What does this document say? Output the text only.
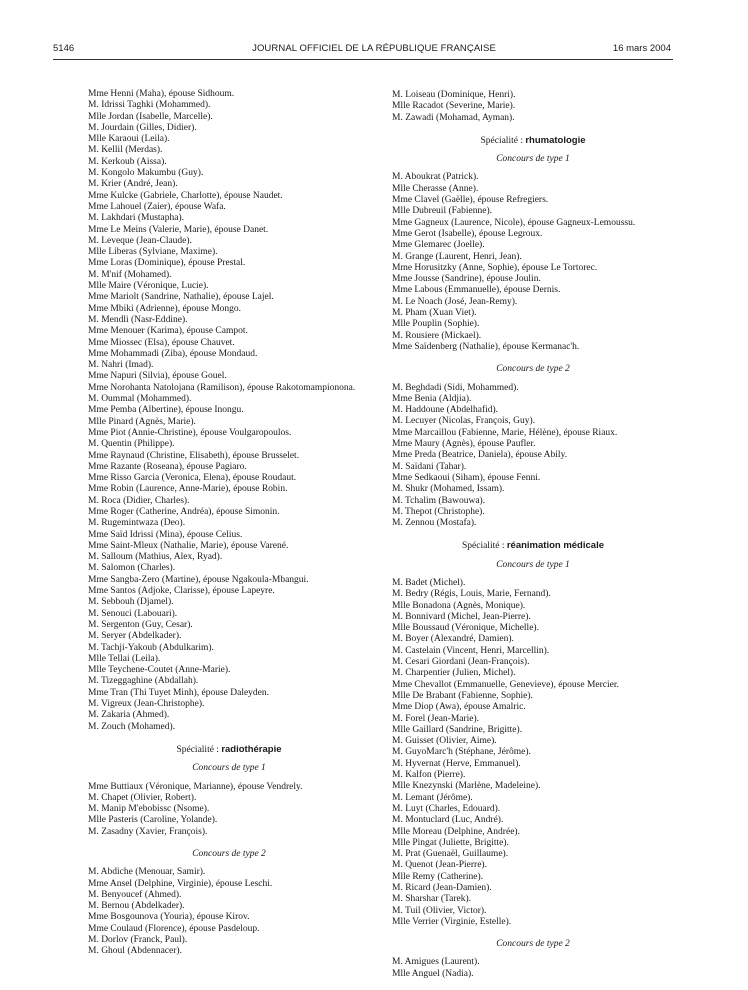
5146	JOURNAL OFFICIEL DE LA RÉPUBLIQUE FRANÇAISE	16 mars 2004
Mme Henni (Maha), épouse Sidhoum.
M. Idrissi Taghki (Mohammed).
Mlle Jordan (Isabelle, Marcelle).
M. Jourdain (Gilles, Didier).
Mlle Karaoui (Leila).
M. Kellil (Merdas).
M. Kerkoub (Aissa).
M. Kongolo Makumbu (Guy).
M. Krier (André, Jean).
Mme Kulcke (Gabriele, Charlotte), épouse Naudet.
Mme Lahouel (Zaier), épouse Wafa.
M. Lakhdari (Mustapha).
Mme Le Meins (Valerie, Marie), épouse Danet.
M. Leveque (Jean-Claude).
Mlle Liberas (Sylviane, Maxime).
Mme Loras (Dominique), épouse Prestal.
M. M'nif (Mohamed).
Mlle Maire (Véronique, Lucie).
Mme Mariolt (Sandrine, Nathalie), épouse Lajel.
Mme Mbiki (Adrienne), épouse Mongo.
M. Mendli (Nasr-Eddine).
Mme Menouer (Karima), épouse Campot.
Mme Miossec (Elsa), épouse Chauvet.
Mme Mohammadi (Ziba), épouse Mondaud.
M. Nahri (Imad).
Mme Napuri (Silvia), épouse Gouel.
Mme Norohanta Natolojana (Ramilison), épouse Rakotomampionona.
M. Oummal (Mohammed).
Mme Pemba (Albertine), épouse Inongu.
Mlle Pinard (Agnès, Marie).
Mme Piot (Annie-Christine), épouse Voulgaropoulos.
M. Quentin (Philippe).
Mme Raynaud (Christine, Elisabeth), épouse Brusselet.
Mme Razante (Roseana), épouse Pagiaro.
Mme Risso Garcia (Veronica, Elena), épouse Roudaut.
Mme Robin (Laurence, Anne-Marie), épouse Robin.
M. Roca (Didier, Charles).
Mme Roger (Catherine, Andréa), épouse Simonin.
M. Rugemintwaza (Deo).
Mme Saïd Idrissi (Mina), épouse Celius.
Mme Saint-Mleux (Nathalie, Marie), épouse Varené.
M. Salloum (Mathius, Alex, Ryad).
M. Salomon (Charles).
Mme Sangba-Zero (Martine), épouse Ngakoula-Mbangui.
Mme Santos (Adjoke, Clarisse), épouse Lapeyre.
M. Sebbouh (Djamel).
M. Senouci (Labouari).
M. Sergenton (Guy, Cesar).
M. Seryer (Abdelkader).
M. Tachji-Yakoub (Abdulkarim).
Mlle Tellai (Leila).
Mlle Teychene-Coutet (Anne-Marie).
M. Tizeggaghine (Abdallah).
Mme Tran (Thi Tuyet Minh), épouse Daleyden.
M. Vigreux (Jean-Christophe).
M. Zakaria (Ahmed).
M. Zouch (Mohamed).
Spécialité : radiothérapie
Concours de type 1
Mme Buttiaux (Véronique, Marianne), épouse Vendrely.
M. Chapet (Olivier, Robert).
M. Manip M'ebobissc (Nsome).
Mlle Pasteris (Caroline, Yolande).
M. Zasadny (Xavier, François).
Concours de type 2
M. Abdiche (Menouar, Samir).
Mme Ansel (Delphine, Virginie), épouse Leschi.
M. Benyoucef (Ahmed).
M. Bernou (Abdelkader).
Mme Bosgounova (Youria), épouse Kirov.
Mme Coulaud (Florence), épouse Pasdeloup.
M. Dorlov (Franck, Paul).
M. Ghoul (Abdennacer).
M. Loiseau (Dominique, Henri).
Mlle Racadot (Severine, Marie).
M. Zawadi (Mohamad, Ayman).
Spécialité : rhumatologie
Concours de type 1
M. Aboukrat (Patrick).
Mlle Cherasse (Anne).
Mme Clavel (Gaëlle), épouse Refregiers.
Mlle Dubreuil (Fabienne).
Mme Gagneux (Laurence, Nicole), épouse Gagneux-Lemoussu.
Mme Gerot (Isabelle), épouse Legroux.
Mme Glemarec (Joelle).
M. Grange (Laurent, Henri, Jean).
Mme Horusitzky (Anne, Sophie), épouse Le Tortorec.
Mme Jousse (Sandrine), épouse Joulin.
Mme Labous (Emmanuelle), épouse Dernis.
M. Le Noach (José, Jean-Remy).
M. Pham (Xuan Viet).
Mlle Pouplin (Sophie).
M. Rousiere (Mickael).
Mme Saïdenberg (Nathalie), épouse Kermanac'h.
Concours de type 2
M. Beghdadi (Sidi, Mohammed).
Mme Benia (Aldjia).
M. Haddoune (Abdelhafid).
M. Lecuyer (Nicolas, François, Guy).
Mme Marcaillou (Fabienne, Marie, Hélène), épouse Riaux.
Mme Maury (Agnès), épouse Paufler.
Mme Preda (Beatrice, Daniela), épouse Abily.
M. Saïdani (Tahar).
Mme Sedkaoui (Siham), épouse Fenni.
M. Shukr (Mohamed, Issam).
M. Tchalim (Bawouwa).
M. Thepot (Christophe).
M. Zennou (Mostafa).
Spécialité : réanimation médicale
Concours de type 1
M. Badet (Michel).
M. Bedry (Régis, Louis, Marie, Fernand).
Mlle Bonadona (Agnès, Monique).
M. Bonnivard (Michel, Jean-Pierre).
Mlle Boussaud (Véronique, Michelle).
M. Boyer (Alexandré, Damien).
M. Castelain (Vincent, Henri, Marcellin).
M. Cesari Giordani (Jean-François).
M. Charpentier (Julien, Michel).
Mme Chevallot (Emmanuelle, Genevieve), épouse Mercier.
Mlle De Brabant (Fabienne, Sophie).
Mme Diop (Awa), épouse Amalric.
M. Forel (Jean-Marie).
Mlle Gaillard (Sandrine, Brigitte).
M. Guisset (Olivier, Aime).
M. GuyoMarc'h (Stéphane, Jérôme).
M. Hyvernat (Herve, Emmanuel).
M. Kalfon (Pierre).
Mlle Knezynski (Marlène, Madeleine).
M. Lemant (Jérôme).
M. Luyt (Charles, Edouard).
M. Montuclard (Luc, André).
Mlle Moreau (Delphine, Andrée).
Mlle Pingat (Juliette, Brigitte).
M. Prat (Guenaël, Guillaume).
M. Quenot (Jean-Pierre).
Mlle Remy (Catherine).
M. Ricard (Jean-Damien).
M. Sharshar (Tarek).
M. Tuil (Olivier, Victor).
Mlle Verrier (Virginie, Estelle).
Concours de type 2
M. Amigues (Laurent).
Mlle Anguel (Nadia).
